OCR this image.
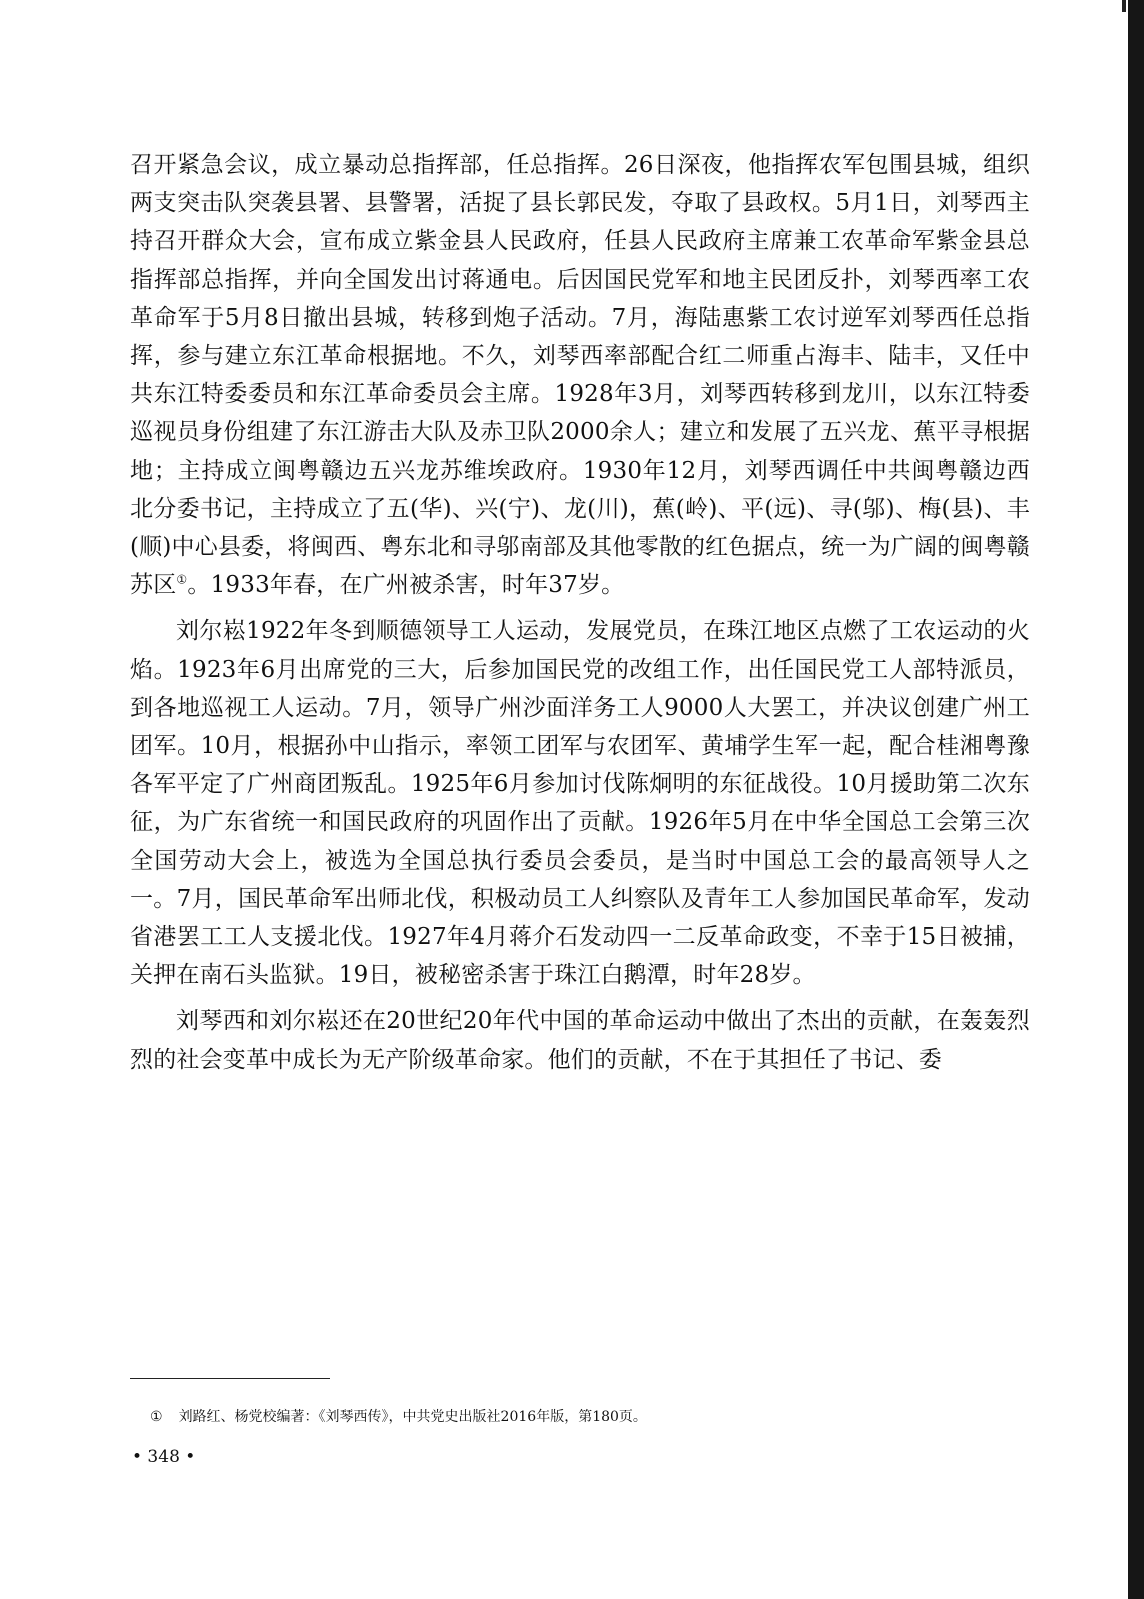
召开紧急会议，成立暴动总指挥部，任总指挥。26日深夜，他指挥农军包围县城，组织两支突击队突袭县署、县警署，活捉了县长郭民发，夺取了县政权。5月1日，刘琴西主持召开群众大会，宣布成立紫金县人民政府，任县人民政府主席兼工农革命军紫金县总指挥部总指挥，并向全国发出讨蒋通电。后因国民党军和地主民团反扑，刘琴西率工农革命军于5月8日撤出县城，转移到炮子活动。7月，海陆惠紫工农讨逆军刘琴西任总指挥，参与建立东江革命根据地。不久，刘琴西率部配合红二师重占海丰、陆丰，又任中共东江特委委员和东江革命委员会主席。1928年3月，刘琴西转移到龙川，以东江特委巡视员身份组建了东江游击大队及赤卫队2000余人；建立和发展了五兴龙、蕉平寻根据地；主持成立闽粤赣边五兴龙苏维埃政府。1930年12月，刘琴西调任中共闽粤赣边西北分委书记，主持成立了五(华)、兴(宁)、龙(川)，蕉(岭)、平(远)、寻(邬)、梅(县)、丰(顺)中心县委，将闽西、粤东北和寻邬南部及其他零散的红色据点，统一为广阔的闽粤赣苏区①。1933年春，在广州被杀害，时年37岁。

刘尔崧1922年冬到顺德领导工人运动，发展党员，在珠江地区点燃了工农运动的火焰。1923年6月出席党的三大，后参加国民党的改组工作，出任国民党工人部特派员，到各地巡视工人运动。7月，领导广州沙面洋务工人9000人大罢工，并决议创建广州工团军。10月，根据孙中山指示，率领工团军与农团军、黄埔学生军一起，配合桂湘粤豫各军平定了广州商团叛乱。1925年6月参加讨伐陈炯明的东征战役。10月援助第二次东征，为广东省统一和国民政府的巩固作出了贡献。1926年5月在中华全国总工会第三次全国劳动大会上，被选为全国总执行委员会委员，是当时中国总工会的最高领导人之一。7月，国民革命军出师北伐，积极动员工人纠察队及青年工人参加国民革命军，发动省港罢工工人支援北伐。1927年4月蒋介石发动四一二反革命政变，不幸于15日被捕，关押在南石头监狱。19日，被秘密杀害于珠江白鹅潭，时年28岁。

刘琴西和刘尔崧还在20世纪20年代中国的革命运动中做出了杰出的贡献，在轰轰烈烈的社会变革中成长为无产阶级革命家。他们的贡献，不在于其担任了书记、委

① 刘路红、杨党校编著：《刘琴西传》，中共党史出版社2016年版，第180页。
• 348 •
